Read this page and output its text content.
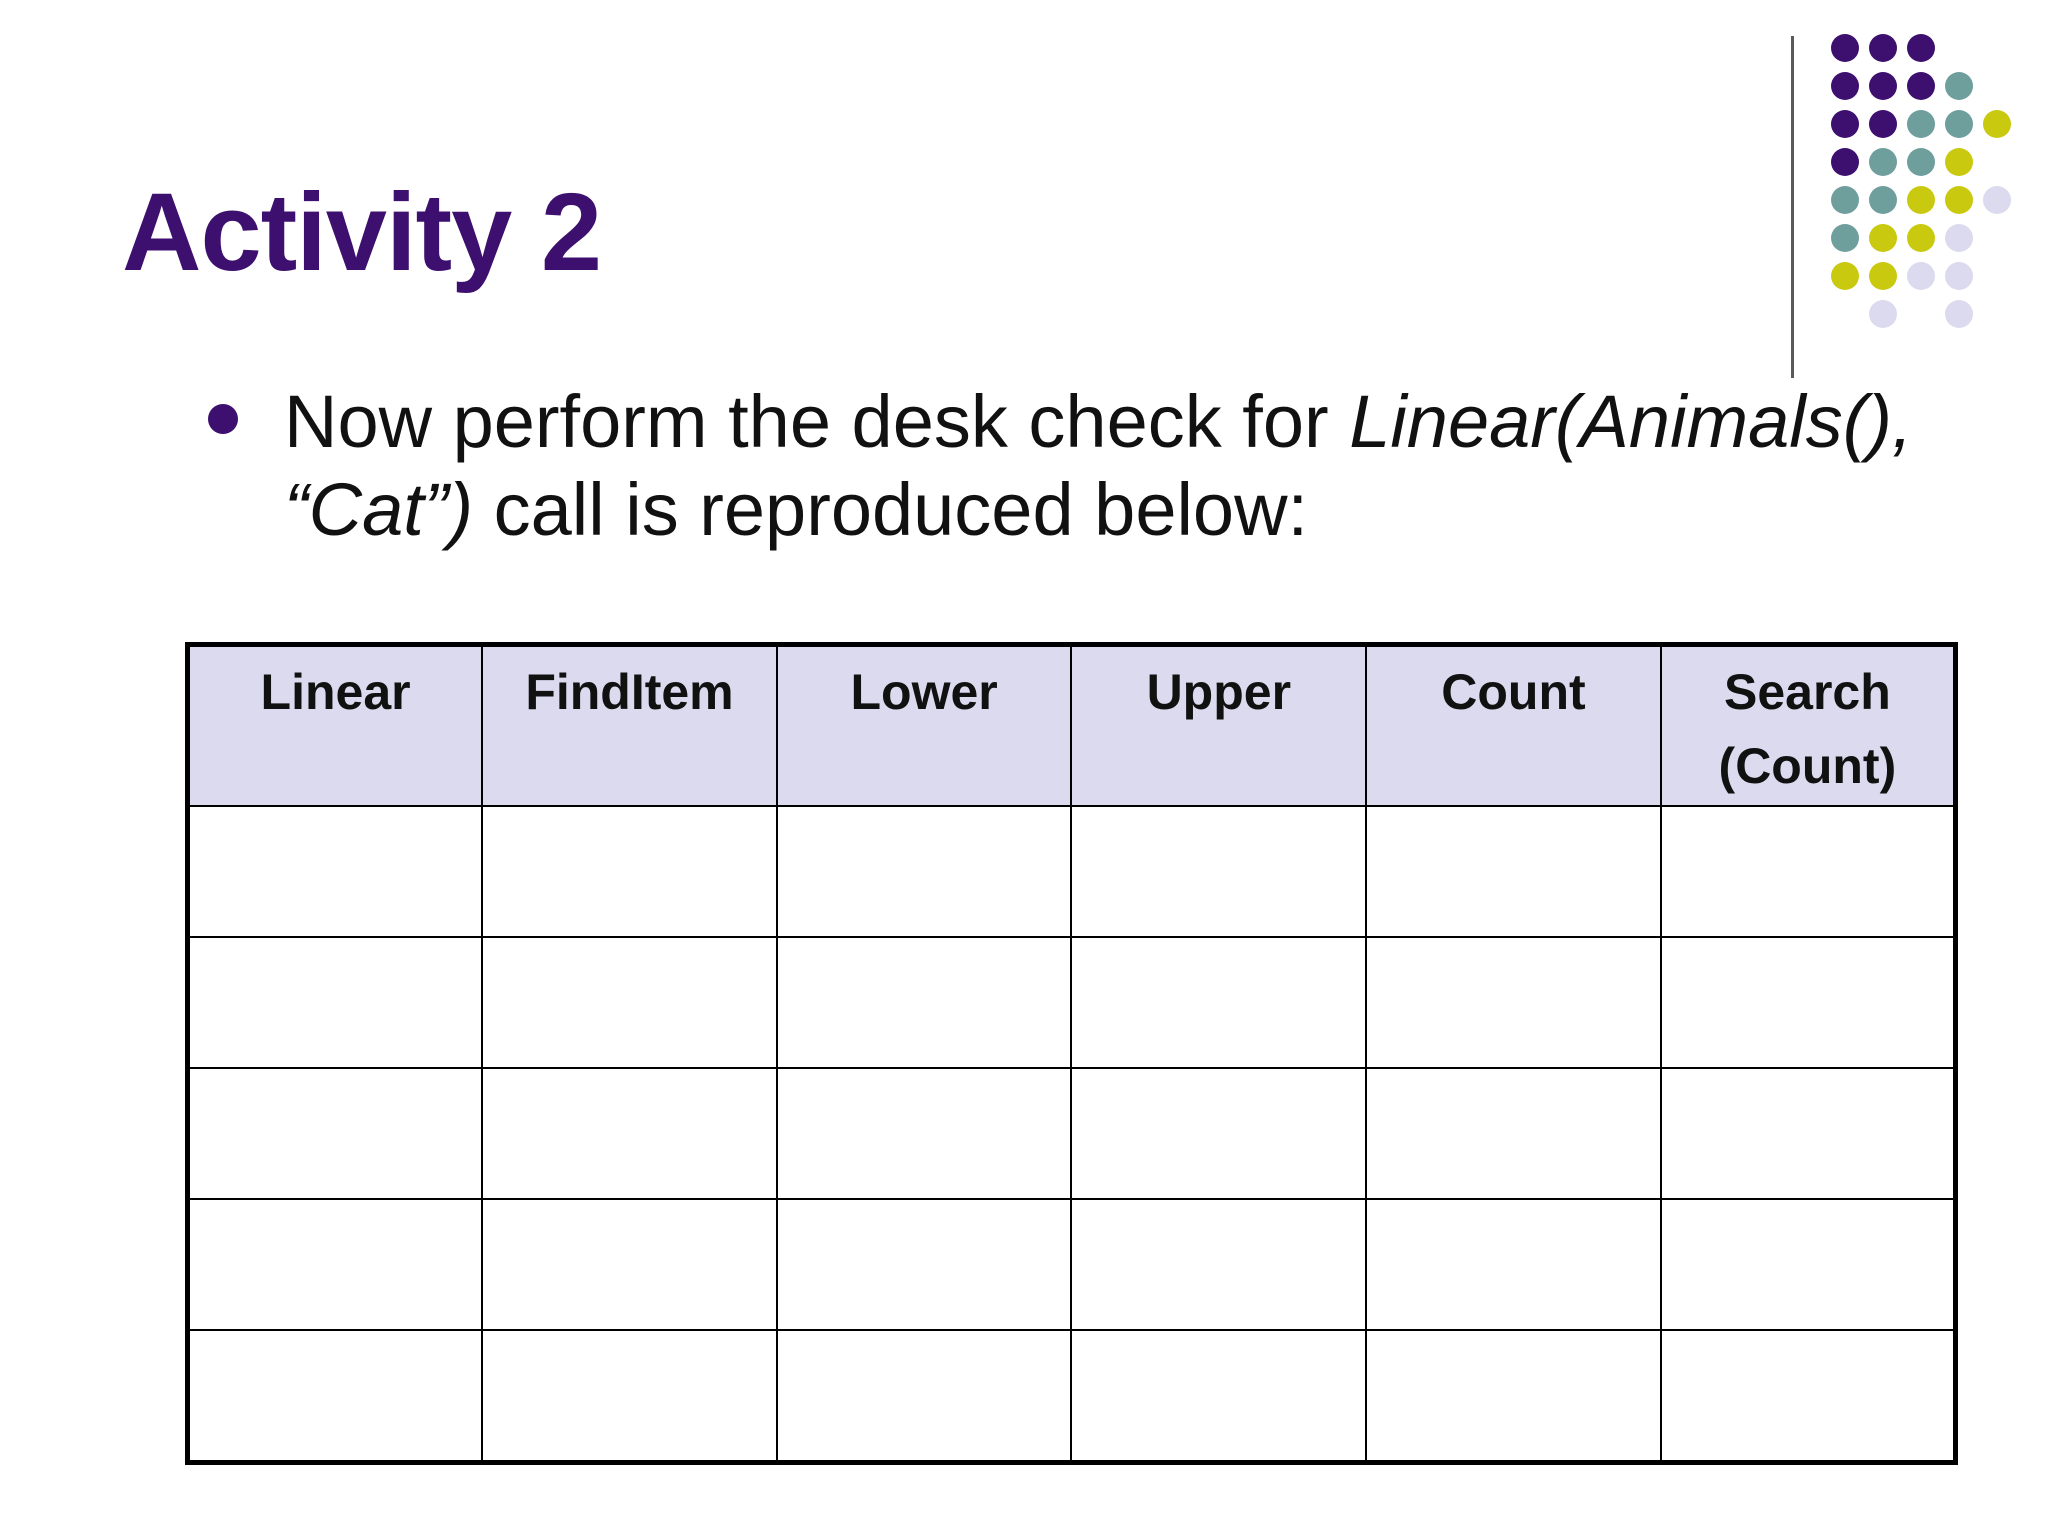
Activity 2
Now perform the desk check for Linear(Animals(), “Cat”) call is reproduced below:
Linear	FindItem	Lower	Upper	Count	Search
(Count)
